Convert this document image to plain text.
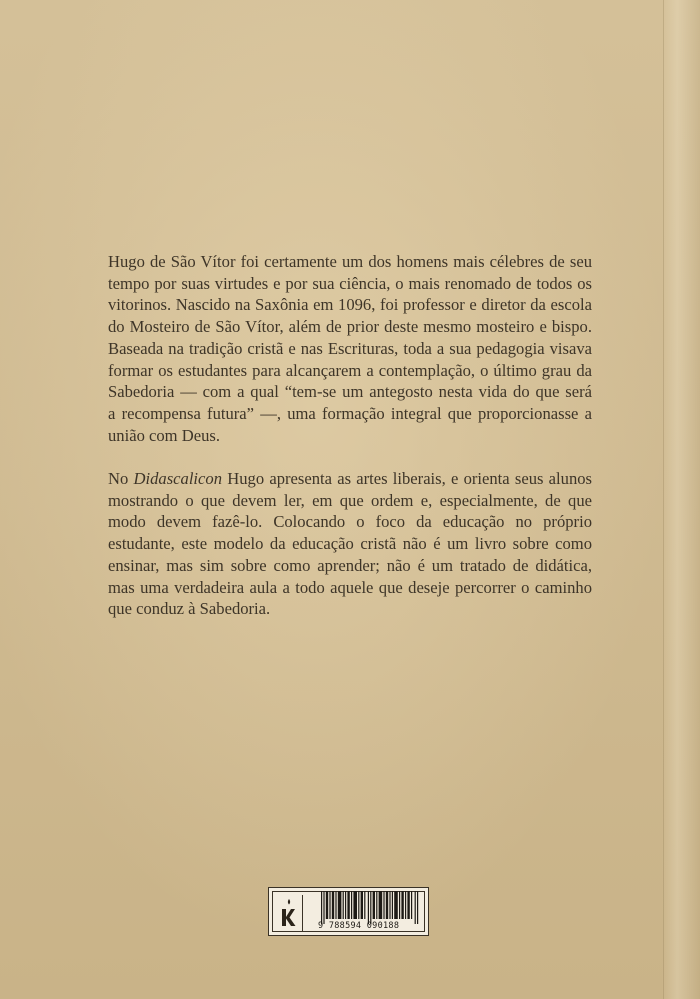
Hugo de São Vítor foi certamente um dos homens mais célebres de seu
tempo por suas virtudes e por sua ciência, o mais renomado de todos os
vitorinos. Nascido na Saxônia em 1096, foi professor e diretor da escola
do Mosteiro de São Vítor, além de prior deste mesmo mosteiro e bispo.
Baseada na tradição cristã e nas Escrituras, toda a sua pedagogia visava
formar os estudantes para alcançarem a contemplação, o último grau da
Sabedoria — com a qual “tem-se um antegosto nesta vida do que será
a recompensa futura” —, uma formação integral que proporcionasse a
união com Deus.

No Didascalicon Hugo apresenta as artes liberais, e orienta seus alunos
mostrando o que devem ler, em que ordem e, especialmente, de que
modo devem fazê-lo. Colocando o foco da educação no próprio
estudante, este modelo da educação cristã não é um livro sobre como
ensinar, mas sim sobre como aprender; não é um tratado de didática,
mas uma verdadeira aula a todo aquele que deseje percorrer o caminho
que conduz à Sabedoria.

9 788594 090188
